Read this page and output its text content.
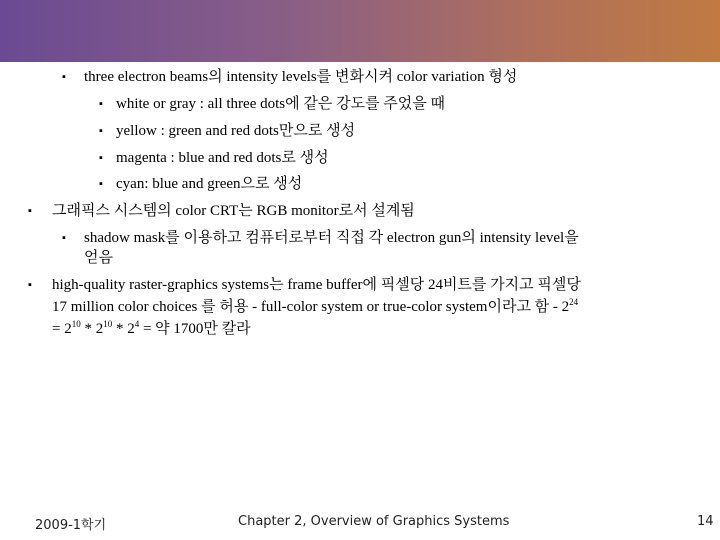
▪ three electron beams의 intensity levels를 변화시켜 color variation 형성
▪ white or gray : all three dots에 같은 강도를 주었을 때
▪ yellow : green and red dots만으로 생성
▪ magenta : blue and red dots로 생성
▪ cyan: blue and green으로 생성
▪ 그래픽스 시스템의 color CRT는 RGB monitor로서 설계됨
▪ shadow mask를 이용하고 컴퓨터로부터 직접 각 electron gun의 intensity level을
얻음
▪ high-quality raster-graphics systems는 frame buffer에 픽셀당 24비트를 가지고 픽셀당
17 million color choices 를 허용 - full-color system or true-color system이라고 함 - $2^{24}$
= $2^{10} * 2^{10} * 2^4$ = 약 1700만 칼라
2009-1학기	Chapter 2, Overview of Graphics Systems	14
